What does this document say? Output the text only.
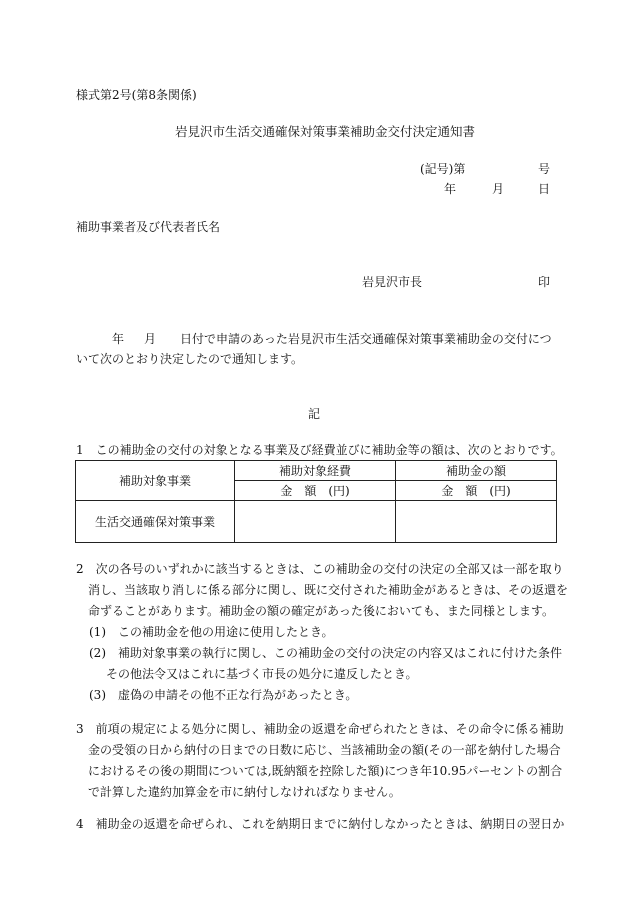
様式第2号(第8条関係)
岩見沢市生活交通確保対策事業補助金交付決定通知書
(記号)第	号
年	月	日
補助事業者及び代表者氏名
岩見沢市長	印
年 月 日付で申請のあった岩見沢市生活交通確保対策事業補助金の交付につ
いて次のとおり決定したので通知します。
記
1　この補助金の交付の対象となる事業及び経費並びに補助金等の額は、次のとおりです。
補助対象事業	補助対象経費	補助金の額
	金　額　(円)	金　額　(円)
生活交通確保対策事業		
2　次の各号のいずれかに該当するときは、この補助金の交付の決定の全部又は一部を取り
消し、当該取り消しに係る部分に関し、既に交付された補助金があるときは、その返還を
命ずることがあります。補助金の額の確定があった後においても、また同様とします。
(1)　この補助金を他の用途に使用したとき。
(2)　補助対象事業の執行に関し、この補助金の交付の決定の内容又はこれに付けた条件
その他法令又はこれに基づく市長の処分に違反したとき。
(3)　虚偽の申請その他不正な行為があったとき。
3　前項の規定による処分に関し、補助金の返還を命ぜられたときは、その命令に係る補助
金の受領の日から納付の日までの日数に応じ、当該補助金の額(その一部を納付した場合
におけるその後の期間については,既納額を控除した額)につき年10.95パーセントの割合
で計算した違約加算金を市に納付しなければなりません。
4　補助金の返還を命ぜられ、これを納期日までに納付しなかったときは、納期日の翌日か
